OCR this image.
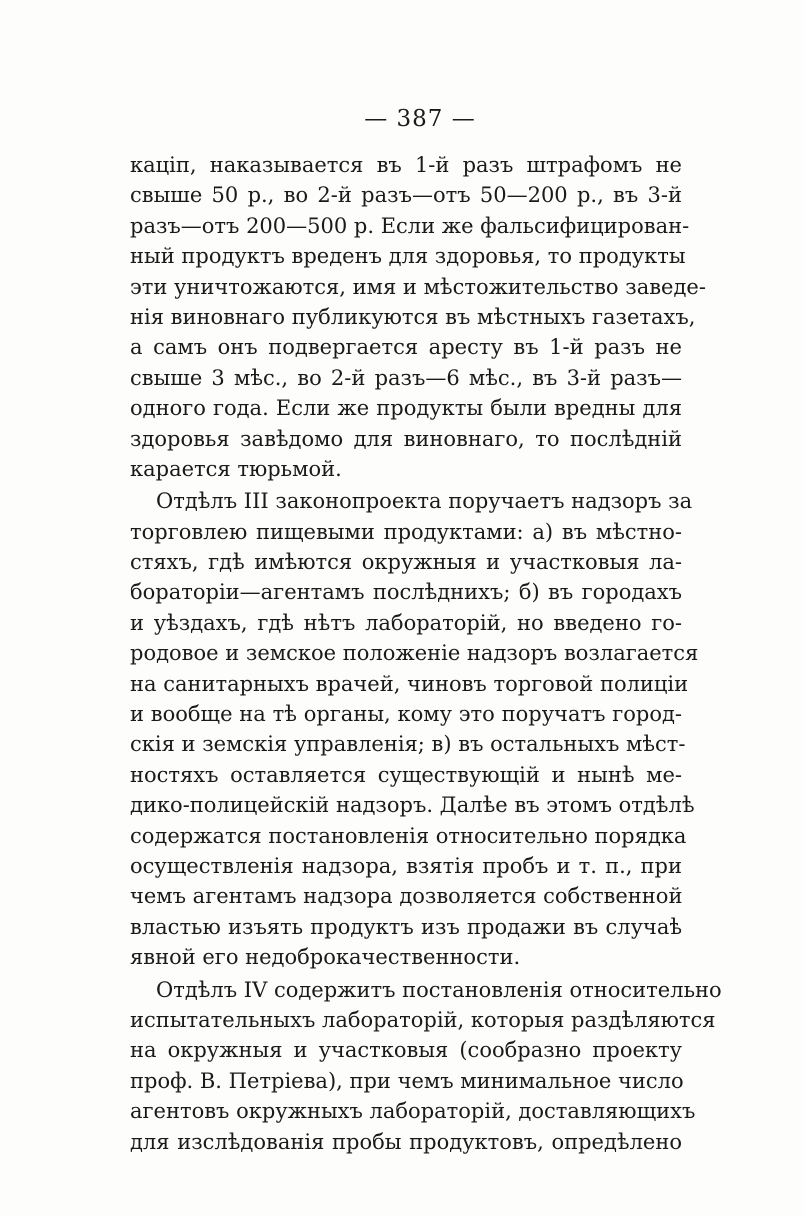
— 387 —
каціп, наказывается въ 1-й разъ штрафомъ не
свыше 50 р., во 2-й разъ—отъ 50—200 р., въ 3-й
разъ—отъ 200—500 р. Если же фальсифицирован-
ный продуктъ вреденъ для здоровья, то продукты
эти уничтожаются, имя и мѣстожительство заведе-
нія виновнаго публикуются въ мѣстныхъ газетахъ,
а самъ онъ подвергается аресту въ 1-й разъ не
свыше 3 мѣс., во 2-й разъ—6 мѣс., въ 3-й разъ—
одного года. Если же продукты были вредны для
здоровья завѣдомо для виновнаго, то послѣдній
карается тюрьмой.
Отдѣлъ III законопроекта поручаетъ надзоръ за
торговлею пищевыми продуктами: а) въ мѣстно-
стяхъ, гдѣ имѣются окружныя и участковыя ла-
бораторіи—агентамъ послѣднихъ; б) въ городахъ
и уѣздахъ, гдѣ нѣтъ лабораторій, но введено го-
родовое и земское положеніе надзоръ возлагается
на санитарныхъ врачей, чиновъ торговой полиціи
и вообще на тѣ органы, кому это поручатъ город-
скія и земскія управленія; в) въ остальныхъ мѣст-
ностяхъ оставляется существующій и нынѣ ме-
дико-полицейскій надзоръ. Далѣе въ этомъ отдѣлѣ
содержатся постановленія относительно порядка
осуществленія надзора, взятія пробъ и т. п., при
чемъ агентамъ надзора дозволяется собственной
властью изъять продуктъ изъ продажи въ случаѣ
явной его недоброкачественности.
Отдѣлъ IV содержитъ постановленія относительно
испытательныхъ лабораторій, которыя раздѣляются
на окружныя и участковыя (сообразно проекту
проф. В. Петріева), при чемъ минимальное число
агентовъ окружныхъ лабораторій, доставляющихъ
для изслѣдованія пробы продуктовъ, опредѣлено
